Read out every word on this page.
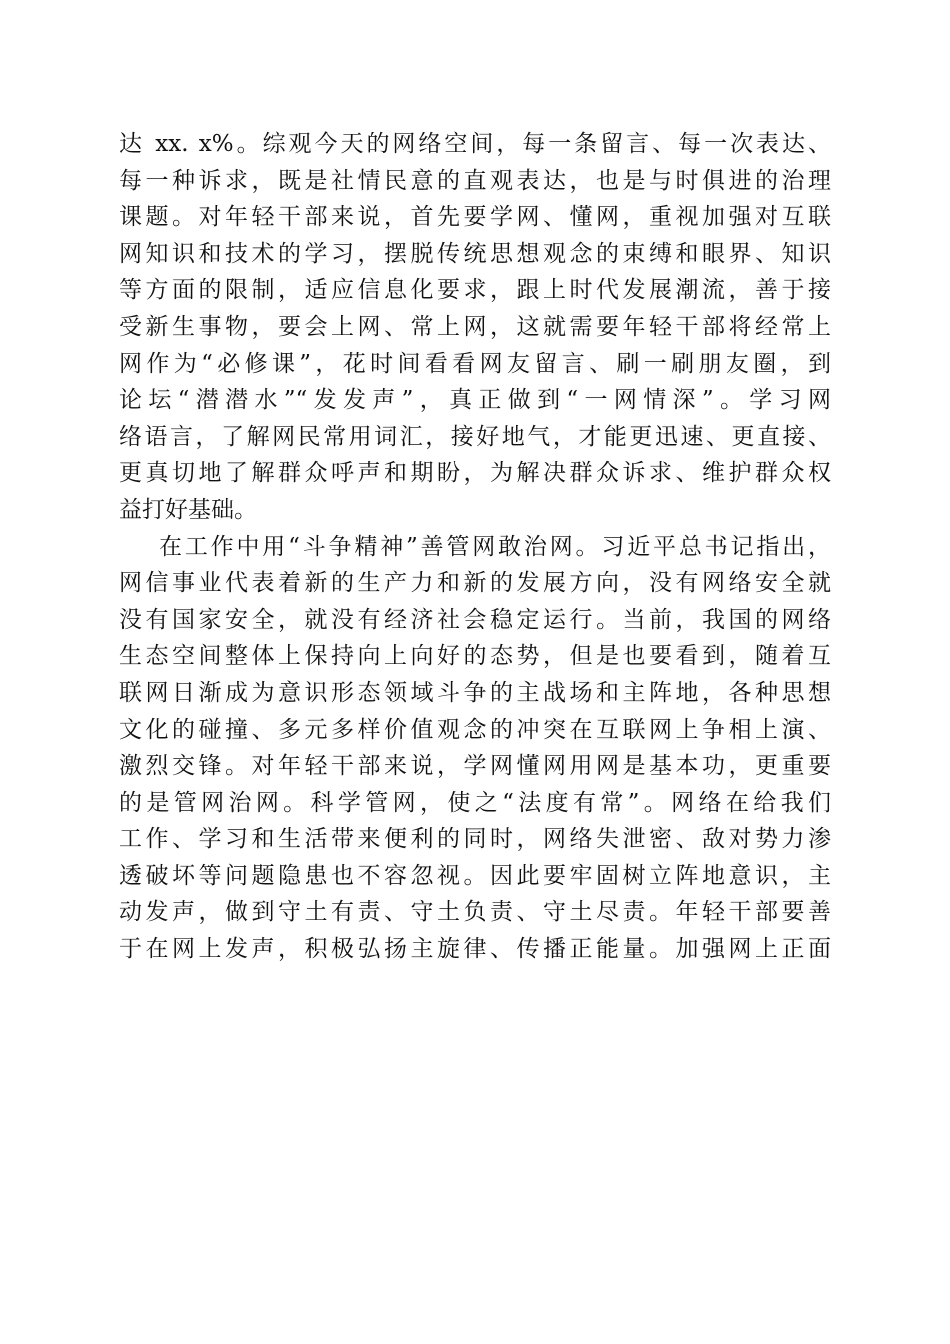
达 xx. x%。综观今天的网络空间，每一条留言、每一次表达、
每一种诉求，既是社情民意的直观表达，也是与时俱进的治理
课题。对年轻干部来说，首先要学网、懂网，重视加强对互联
网知识和技术的学习，摆脱传统思想观念的束缚和眼界、知识
等方面的限制，适应信息化要求，跟上时代发展潮流，善于接
受新生事物，要会上网、常上网，这就需要年轻干部将经常上
网作为“必修课”，花时间看看网友留言、刷一刷朋友圈，到
论坛“潜潜水”“发发声”，真正做到“一网情深”。学习网
络语言，了解网民常用词汇，接好地气，才能更迅速、更直接、
更真切地了解群众呼声和期盼，为解决群众诉求、维护群众权
益打好基础。
在工作中用“斗争精神”善管网敢治网。习近平总书记指出，
网信事业代表着新的生产力和新的发展方向，没有网络安全就
没有国家安全，就没有经济社会稳定运行。当前，我国的网络
生态空间整体上保持向上向好的态势，但是也要看到，随着互
联网日渐成为意识形态领域斗争的主战场和主阵地，各种思想
文化的碰撞、多元多样价值观念的冲突在互联网上争相上演、
激烈交锋。对年轻干部来说，学网懂网用网是基本功，更重要
的是管网治网。科学管网，使之“法度有常”。网络在给我们
工作、学习和生活带来便利的同时，网络失泄密、敌对势力渗
透破坏等问题隐患也不容忽视。因此要牢固树立阵地意识，主
动发声，做到守土有责、守土负责、守土尽责。年轻干部要善
于在网上发声，积极弘扬主旋律、传播正能量。加强网上正面
